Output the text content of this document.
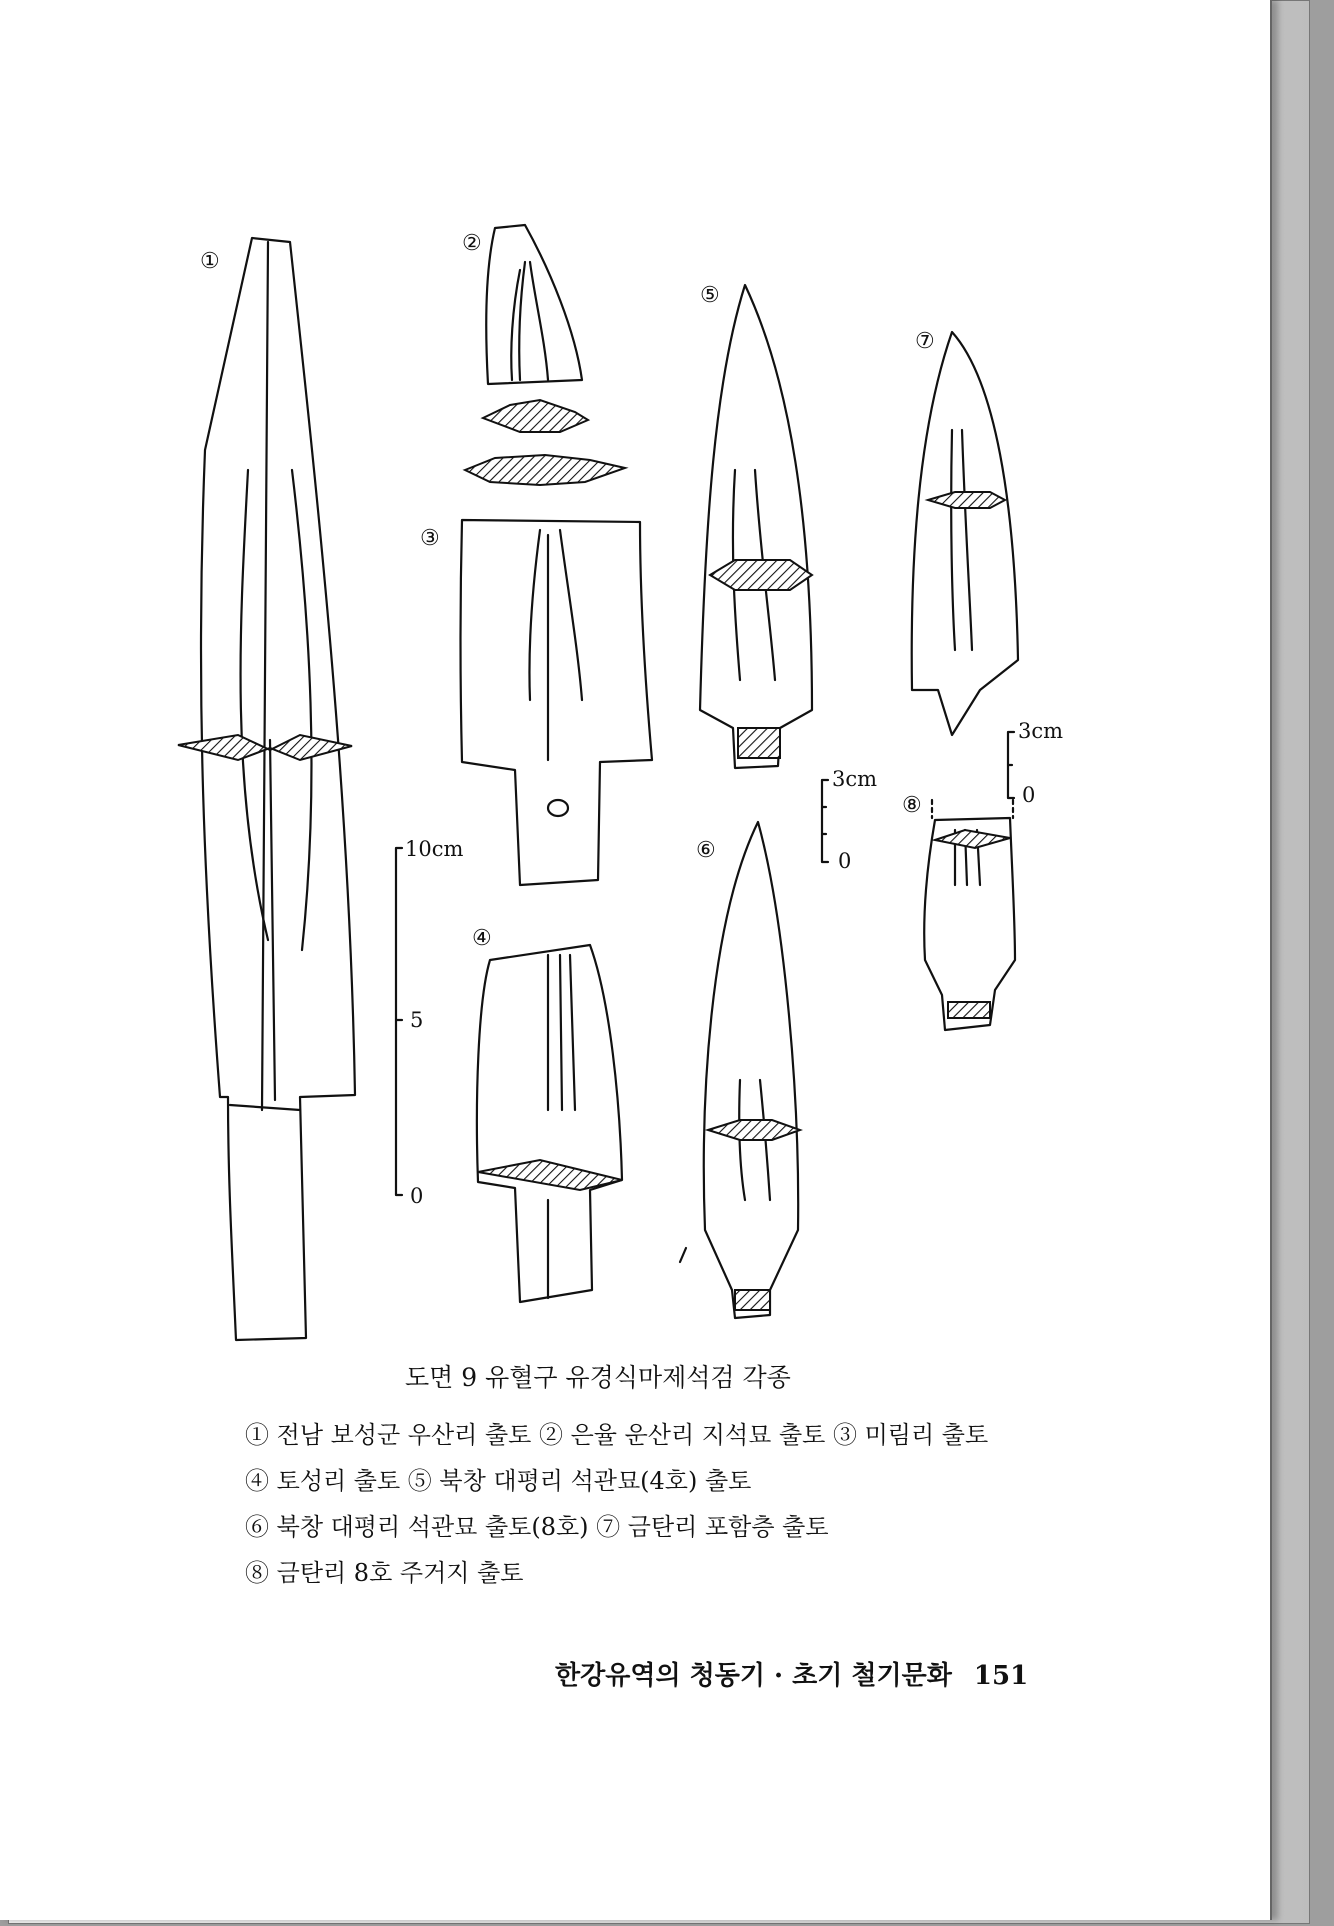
①
②
③
④
⑤
⑥
⑦
⑧
10cm
5
0
3cm
0
3cm
0
도면 9 유혈구 유경식마제석검 각종
① 전남 보성군 우산리 출토 ② 은율 운산리 지석묘 출토 ③ 미림리 출토
④ 토성리 출토 ⑤ 북창 대평리 석관묘(4호) 출토
⑥ 북창 대평리 석관묘 출토(8호) ⑦ 금탄리 포함층 출토
⑧ 금탄리 8호 주거지 출토
한강유역의 청동기 · 초기 철기문화 151
